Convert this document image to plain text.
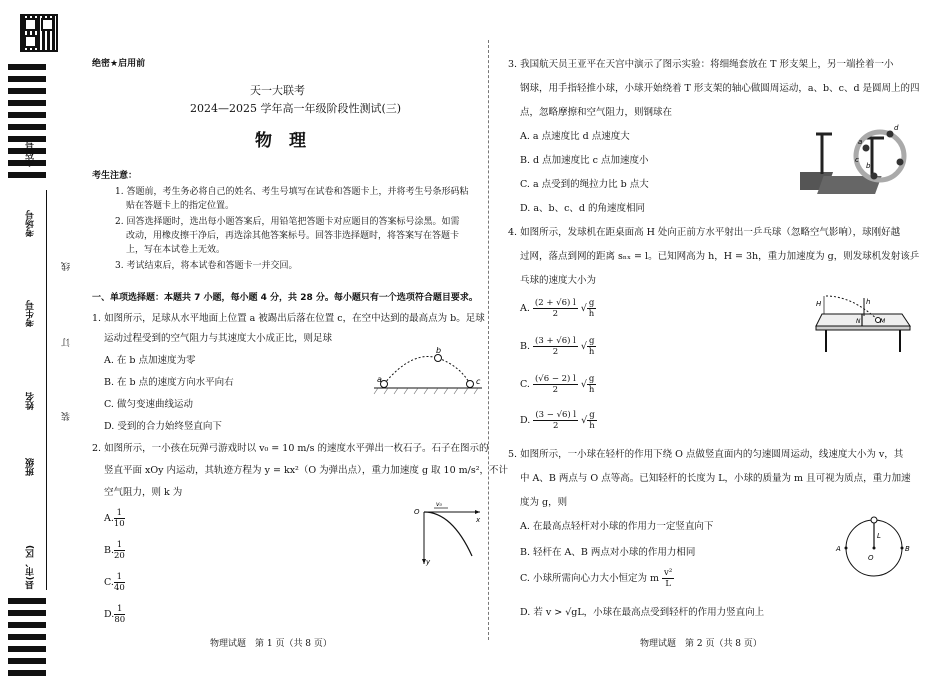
座位号
考场号
考生号
姓名
班级
县(市、区)
线
订
装
绝密★启用前
天一大联考
2024—2025 学年高一年级阶段性测试(三)
物　理
考生注意：
1. 答题前，考生务必将自己的姓名、考生号填写在试卷和答题卡上，并将考生号条形码粘
贴在答题卡上的指定位置。
2. 回答选择题时，选出每小题答案后，用铅笔把答题卡对应题目的答案标号涂黑。如需
改动，用橡皮擦干净后，再选涂其他答案标号。回答非选择题时，将答案写在答题卡
上，写在本试卷上无效。
3. 考试结束后，将本试卷和答题卡一并交回。
一、单项选择题：本题共 7 小题，每小题 4 分，共 28 分。每小题只有一个选项符合题目要求。
1. 如图所示，足球从水平地面上位置 a 被踢出后落在位置 c，在空中达到的最高点为 b。足球
运动过程受到的空气阻力与其速度大小成正比，则足球
A. 在 b 点加速度为零
B. 在 b 点的速度方向水平向右
C. 做匀变速曲线运动
D. 受到的合力始终竖直向下
a
b
c
2. 如图所示，一小孩在玩弹弓游戏时以 v₀ = 10 m/s 的速度水平弹出一枚石子。石子在图示的
竖直平面 xOy 内运动，其轨迹方程为 y = kx²（O 为弹出点），重力加速度 g 取 10 m/s²，不计
空气阻力，则 k 为
A. $\frac{1}{10}$
B. $\frac{1}{20}$
C. $\frac{1}{40}$
D. $\frac{1}{80}$
O
v₀
x
y
物理试题　第 1 页（共 8 页）
3. 我国航天员王亚平在天宫中演示了图示实验：将细绳套放在 T 形支架上，另一端拴着一小
钢球，用手指轻推小球，小球开始绕着 T 形支架的轴心做圆周运动，a、b、c、d 是圆周上的四
点，忽略摩擦和空气阻力，则钢球在
A. a 点速度比 d 点速度大
B. d 点加速度比 c 点加速度小
C. a 点受到的绳拉力比 b 点大
D. a、b、c、d 的角速度相同
a
b
c
d
4. 如图所示，发球机在距桌面高 H 处向正前方水平射出一乒乓球（忽略空气影响），球刚好越
过网，落点到网的距离 sₙₓ = l。已知网高为 h，H = 3h，重力加速度为 g，则发球机发射该乒
乓球的速度大小为
A. $\frac{(2 + √6) l}{2}$ √ $\frac{g}{h}$
B. $\frac{(3 + √6) l}{2}$ √ $\frac{g}{h}$
C. $\frac{(√6 - 2) l}{2}$ √ $\frac{g}{h}$
D. $\frac{(3 - √6) l}{2}$ √ $\frac{g}{h}$
H	h
N	M
5. 如图所示，一小球在轻杆的作用下绕 O 点做竖直面内的匀速圆周运动，线速度大小为 v，其
中 A、B 两点与 O 点等高。已知轻杆的长度为 L，小球的质量为 m 且可视为质点，重力加速
度为 g，则
A. 在最高点轻杆对小球的作用力一定竖直向下
B. 轻杆在 A、B 两点对小球的作用力相同
C. 小球所需向心力大小恒定为 m $\frac{\text{v²}}{L}$
D. 若 v > √gL，小球在最高点受到轻杆的作用力竖直向上
O
L
A	B
物理试题　第 2 页（共 8 页）
